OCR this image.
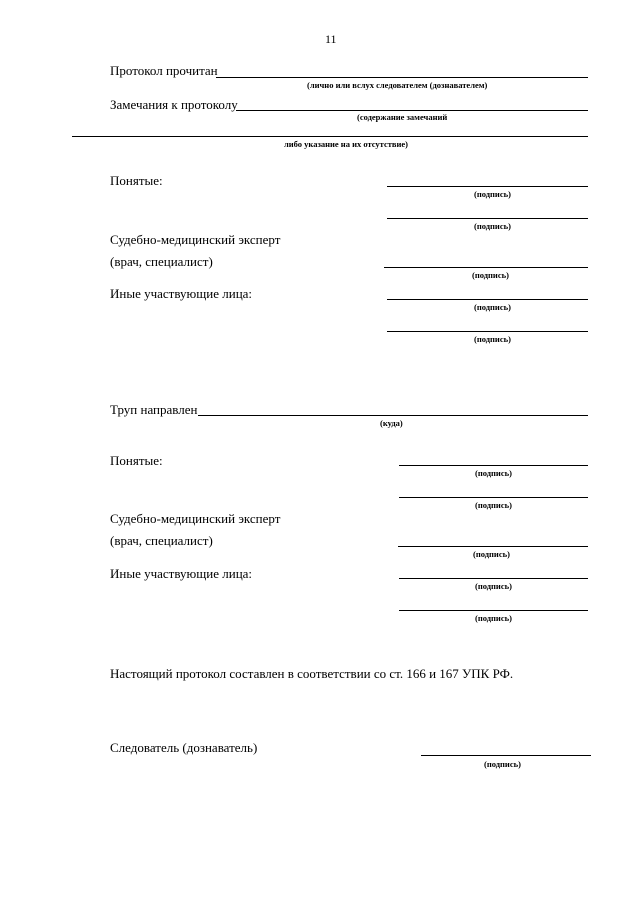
11
Протокол прочитан
(лично или вслух следователем (дознавателем)
Замечания к протоколу
(содержание замечаний
либо указание на их отсутствие)
Понятые:
(подпись)
(подпись)
Судебно-медицинский эксперт
(врач, специалист)
(подпись)
Иные участвующие лица:
(подпись)
(подпись)
Труп направлен
(куда)
Понятые:
(подпись)
(подпись)
Судебно-медицинский эксперт
(врач, специалист)
(подпись)
Иные участвующие лица:
(подпись)
(подпись)
Настоящий протокол составлен в соответствии со ст. 166 и 167 УПК РФ.
Следователь (дознаватель)
(подпись)
